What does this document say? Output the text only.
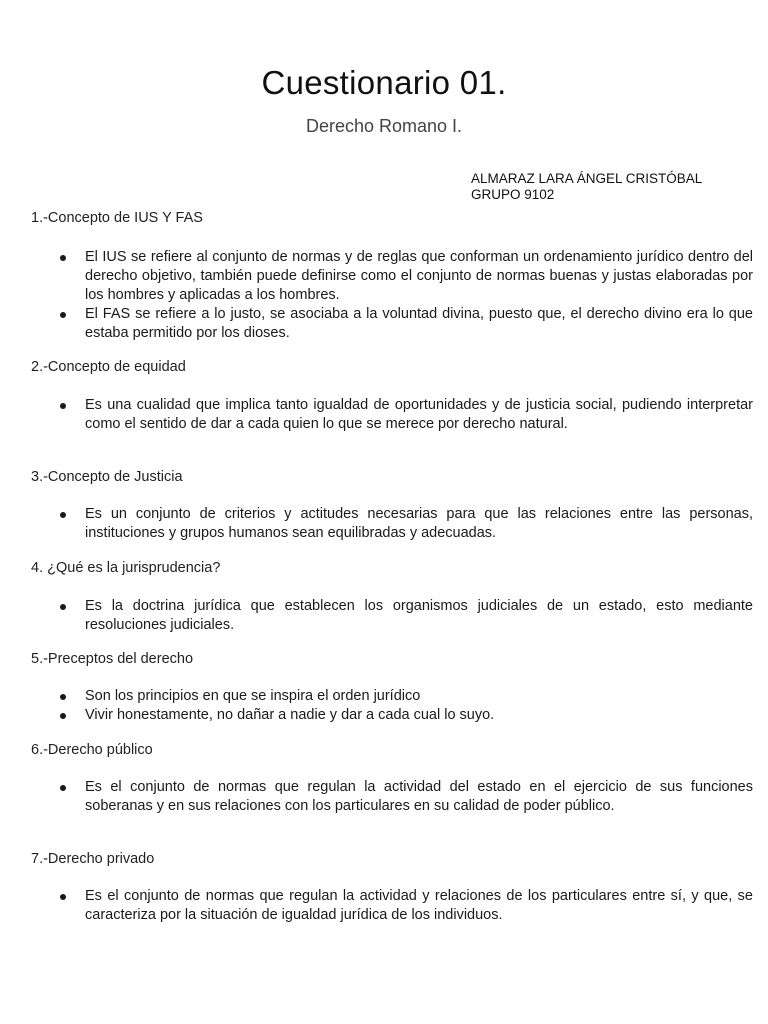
Cuestionario 01.
Derecho Romano I.
ALMARAZ LARA ÁNGEL CRISTÓBAL
GRUPO 9102
1.-Concepto de IUS Y FAS
El IUS se refiere al conjunto de normas y de reglas que conforman un ordenamiento jurídico dentro del derecho objetivo, también puede definirse como el conjunto de normas buenas y justas elaboradas por los hombres y aplicadas a los hombres.
El FAS se refiere a lo justo, se asociaba a la voluntad divina, puesto que, el derecho divino era lo que estaba permitido por los dioses.
2.-Concepto de equidad
Es una cualidad que implica tanto igualdad de oportunidades y de justicia social, pudiendo interpretar como el sentido de dar a cada quien lo que se merece por derecho natural.
3.-Concepto de Justicia
Es un conjunto de criterios y actitudes necesarias para que las relaciones entre las personas, instituciones y grupos humanos sean equilibradas y adecuadas.
4. ¿Qué es la jurisprudencia?
Es la doctrina jurídica que establecen los organismos judiciales de un estado, esto mediante resoluciones judiciales.
5.-Preceptos del derecho
Son los principios en que se inspira el orden jurídico
Vivir honestamente, no dañar a nadie y dar a cada cual lo suyo.
6.-Derecho público
Es el conjunto de normas que regulan la actividad del estado en el ejercicio de sus funciones soberanas y en sus relaciones con los particulares en su calidad de poder público.
7.-Derecho privado
Es el conjunto de normas que regulan la actividad y relaciones de los particulares entre sí, y que, se caracteriza por la situación de igualdad jurídica de los individuos.
